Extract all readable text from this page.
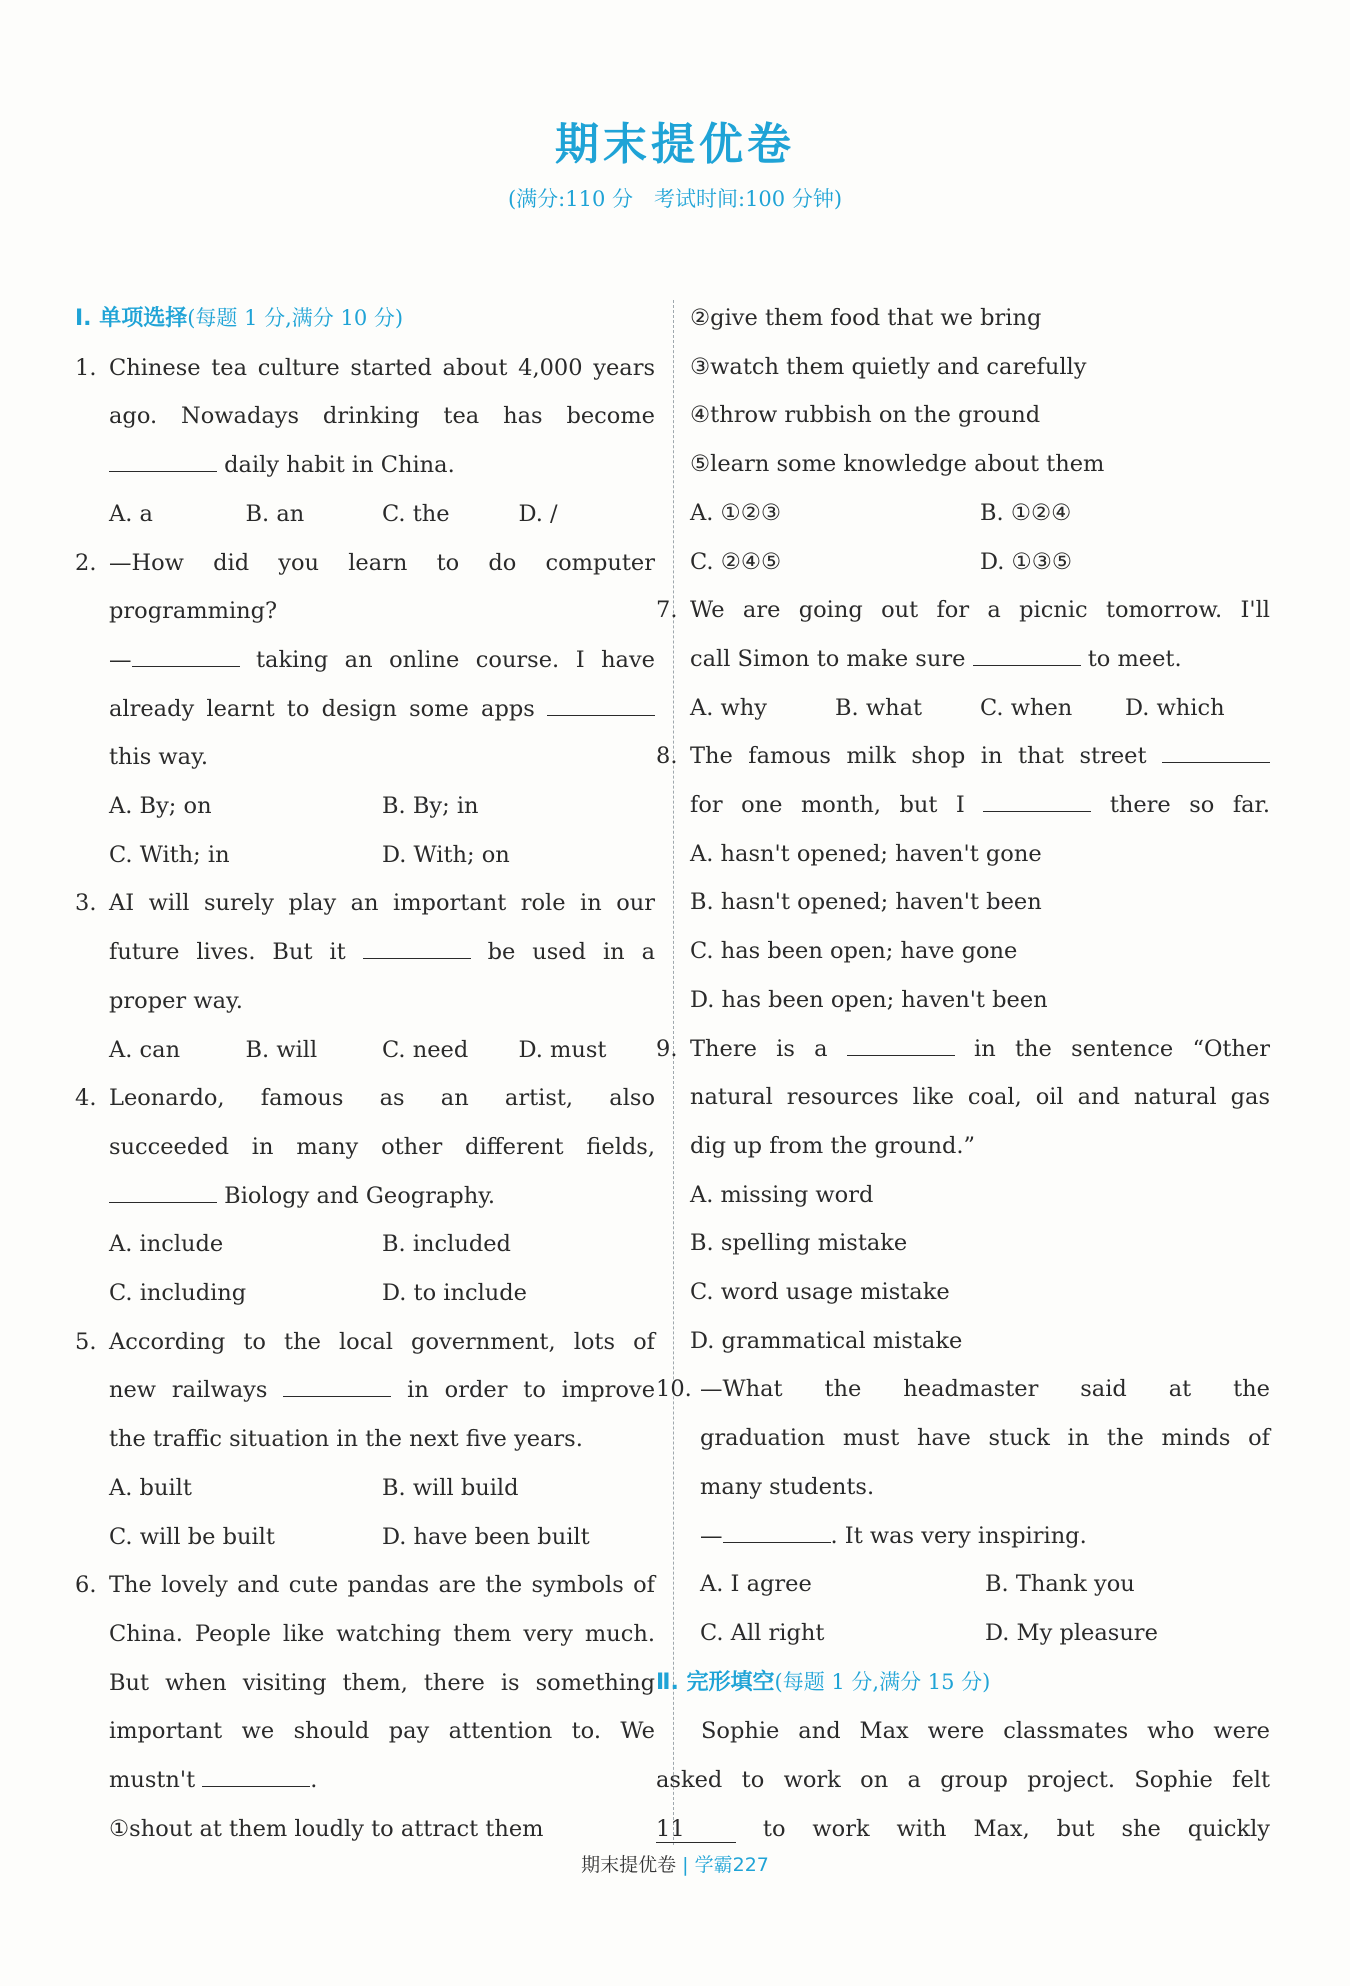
期末提优卷
(满分:110 分　考试时间:100 分钟)
Ⅰ. 单项选择(每题 1 分,满分 10 分)
1. Chinese tea culture started about 4,000 years
ago. Nowadays drinking tea has become
daily habit in China.
A. a	B. an	C. the	D. /
2. —How did you learn to do computer
programming?
—	taking an online course. I have
already learnt to design some apps
this way.
A. By; on	B. By; in
C. With; in	D. With; on
3. AI will surely play an important role in our
future lives. But it	be used in a
proper way.
A. can	B. will	C. need	D. must
4. Leonardo, famous as an artist, also
succeeded in many other different fields,
Biology and Geography.
A. include	B. included
C. including	D. to include
5. According to the local government, lots of
new railways	in order to improve
the traffic situation in the next five years.
A. built	B. will build
C. will be built	D. have been built
6. The lovely and cute pandas are the symbols of
China. People like watching them very much.
But when visiting them, there is something
important we should pay attention to. We
mustn't	.
①shout at them loudly to attract them
②give them food that we bring
③watch them quietly and carefully
④throw rubbish on the ground
⑤learn some knowledge about them
A. ①②③	B. ①②④
C. ②④⑤	D. ①③⑤
7. We are going out for a picnic tomorrow. I'll
call Simon to make sure	to meet.
A. why	B. what	C. when	D. which
8. The famous milk shop in that street
for one month, but I	there so far.
A. hasn't opened; haven't gone
B. hasn't opened; haven't been
C. has been open; have gone
D. has been open; haven't been
9. There is a	in the sentence “Other
natural resources like coal, oil and natural gas
dig up from the ground.”
A. missing word
B. spelling mistake
C. word usage mistake
D. grammatical mistake
10. —What the headmaster said at the
graduation must have stuck in the minds of
many students.
—	. It was very inspiring.
A. I agree	B. Thank you
C. All right	D. My pleasure
Ⅱ. 完形填空(每题 1 分,满分 15 分)
Sophie and Max were classmates who were
asked to work on a group project. Sophie felt
11	to work with Max, but she quickly
期末提优卷 | 学霸227
